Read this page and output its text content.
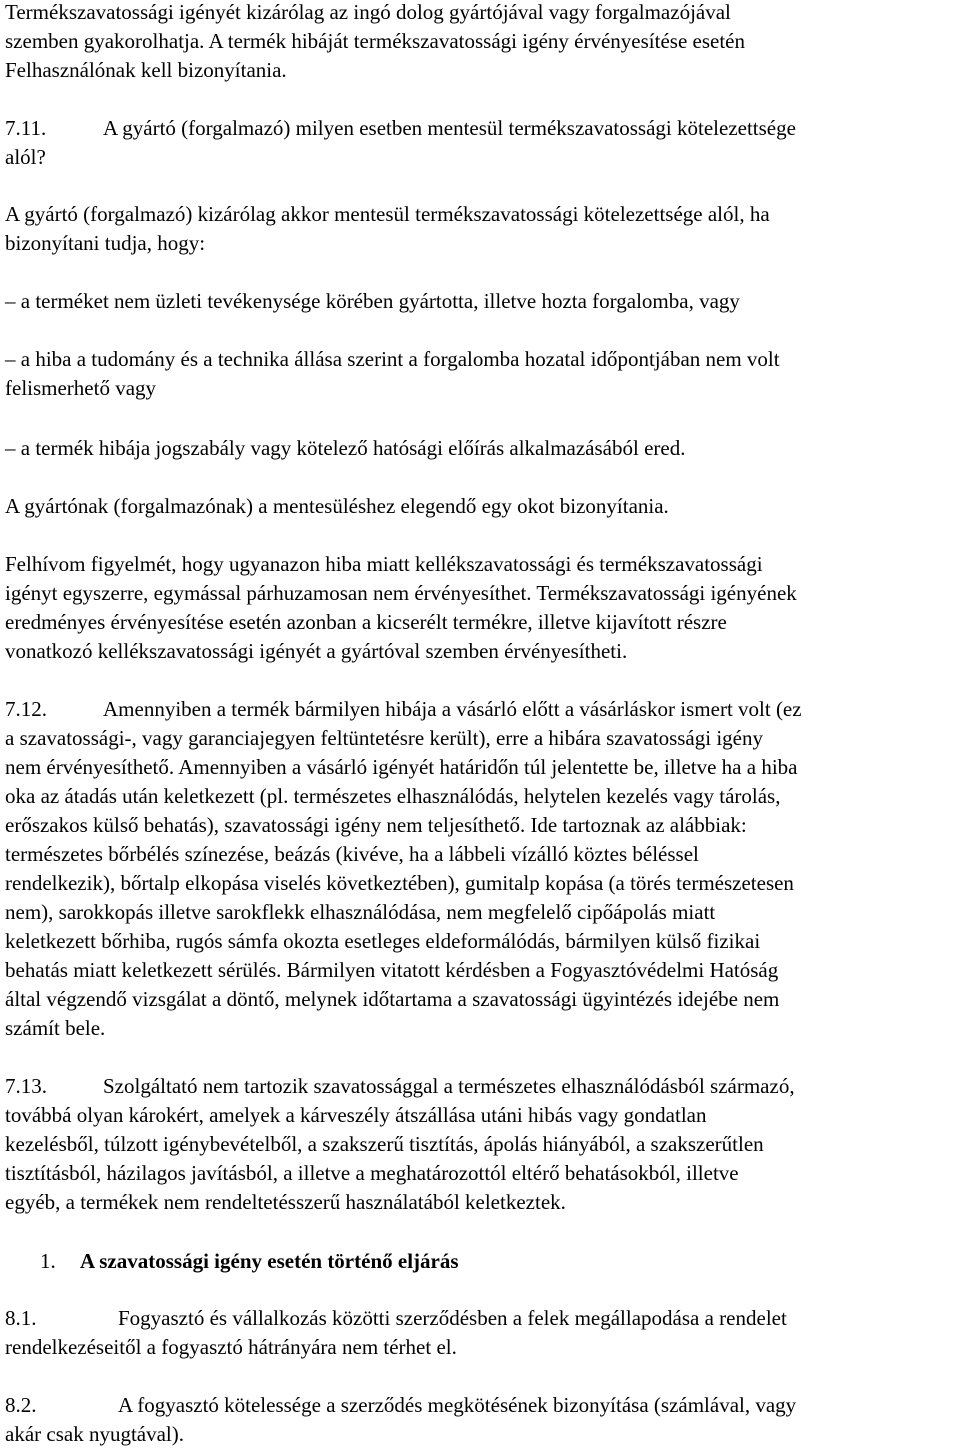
Termékszavatossági igényét kizárólag az ingó dolog gyártójával vagy forgalmazójával
szemben gyakorolhatja. A termék hibáját termékszavatossági igény érvényesítése esetén
Felhasználónak kell bizonyítania.
7.11.	A gyártó (forgalmazó) milyen esetben mentesül termékszavatossági kötelezettsége
alól?
A gyártó (forgalmazó) kizárólag akkor mentesül termékszavatossági kötelezettsége alól, ha
bizonyítani tudja, hogy:
– a terméket nem üzleti tevékenysége körében gyártotta, illetve hozta forgalomba, vagy
– a hiba a tudomány és a technika állása szerint a forgalomba hozatal időpontjában nem volt
felismerhető vagy
– a termék hibája jogszabály vagy kötelező hatósági előírás alkalmazásából ered.
A gyártónak (forgalmazónak) a mentesüléshez elegendő egy okot bizonyítania.
Felhívom figyelmét, hogy ugyanazon hiba miatt kellékszavatossági és termékszavatossági
igényt egyszerre, egymással párhuzamosan nem érvényesíthet. Termékszavatossági igényének
eredményes érvényesítése esetén azonban a kicserélt termékre, illetve kijavított részre
vonatkozó kellékszavatossági igényét a gyártóval szemben érvényesítheti.
7.12.	Amennyiben a termék bármilyen hibája a vásárló előtt a vásárláskor ismert volt (ez
a szavatossági-, vagy garanciajegyen feltüntetésre került), erre a hibára szavatossági igény
nem érvényesíthető. Amennyiben a vásárló igényét határidőn túl jelentette be, illetve ha a hiba
oka az átadás után keletkezett (pl. természetes elhasználódás, helytelen kezelés vagy tárolás,
erőszakos külső behatás), szavatossági igény nem teljesíthető. Ide tartoznak az alábbiak:
természetes bőrbélés színezése, beázás (kivéve, ha a lábbeli vízálló köztes béléssel
rendelkezik), bőrtalp elkopása viselés következtében), gumitalp kopása (a törés természetesen
nem), sarokkopás illetve sarokflekk elhasználódása, nem megfelelő cipőápolás miatt
keletkezett bőrhiba, rugós sámfa okozta esetleges eldeformálódás, bármilyen külső fizikai
behatás miatt keletkezett sérülés. Bármilyen vitatott kérdésben a Fogyasztóvédelmi Hatóság
által végzendő vizsgálat a döntő, melynek időtartama a szavatossági ügyintézés idejébe nem
számít bele.
7.13.	Szolgáltató nem tartozik szavatossággal a természetes elhasználódásból származó,
továbbá olyan károkért, amelyek a kárveszély átszállása utáni hibás vagy gondatlan
kezelésből, túlzott igénybevételből, a szakszerű tisztítás, ápolás hiányából, a szakszerűtlen
tisztításból, házilagos javításból, a illetve a meghatározottól eltérő behatásokból, illetve
egyéb, a termékek nem rendeltetésszerű használatából keletkeztek.
1. A szavatossági igény esetén történő eljárás
8.1.	Fogyasztó és vállalkozás közötti szerződésben a felek megállapodása a rendelet
rendelkezéseitől a fogyasztó hátrányára nem térhet el.
8.2.	A fogyasztó kötelessége a szerződés megkötésének bizonyítása (számlával, vagy
akár csak nyugtával).
